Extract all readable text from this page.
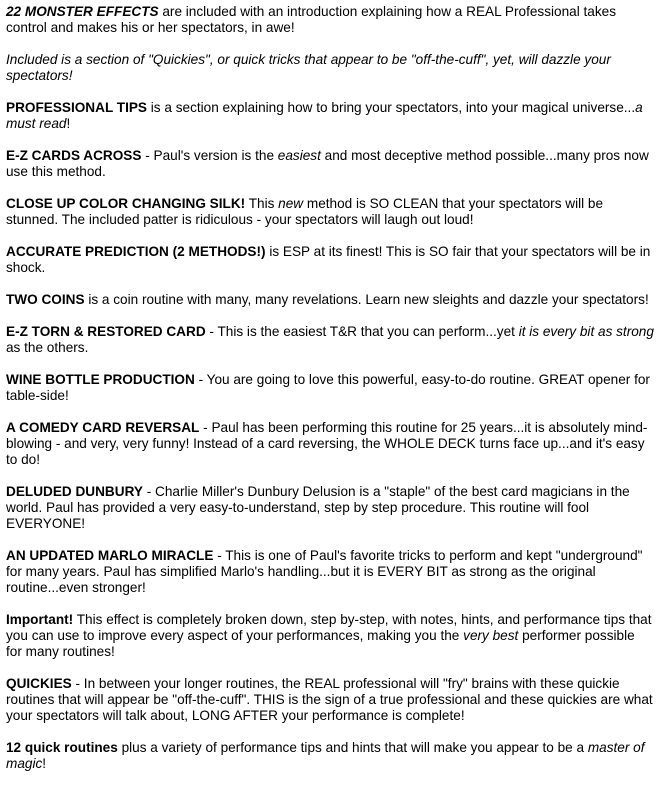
22 MONSTER EFFECTS are included with an introduction explaining how a REAL Professional takes control and makes his or her spectators, in awe!

Included is a section of "Quickies", or quick tricks that appear to be "off-the-cuff", yet, will dazzle your spectators!

PROFESSIONAL TIPS is a section explaining how to bring your spectators, into your magical universe...a must read!

E-Z CARDS ACROSS - Paul's version is the easiest and most deceptive method possible...many pros now use this method.

CLOSE UP COLOR CHANGING SILK! This new method is SO CLEAN that your spectators will be stunned. The included patter is ridiculous - your spectators will laugh out loud!

ACCURATE PREDICTION (2 METHODS!) is ESP at its finest! This is SO fair that your spectators will be in shock.

TWO COINS is a coin routine with many, many revelations. Learn new sleights and dazzle your spectators!

E-Z TORN & RESTORED CARD - This is the easiest T&R that you can perform...yet it is every bit as strong as the others.

WINE BOTTLE PRODUCTION - You are going to love this powerful, easy-to-do routine. GREAT opener for table-side!

A COMEDY CARD REVERSAL - Paul has been performing this routine for 25 years...it is absolutely mind-blowing - and very, very funny! Instead of a card reversing, the WHOLE DECK turns face up...and it's easy to do!

DELUDED DUNBURY - Charlie Miller's Dunbury Delusion is a "staple" of the best card magicians in the world. Paul has provided a very easy-to-understand, step by step procedure. This routine will fool EVERYONE!

AN UPDATED MARLO MIRACLE - This is one of Paul's favorite tricks to perform and kept "underground" for many years. Paul has simplified Marlo's handling...but it is EVERY BIT as strong as the original routine...even stronger!

Important! This effect is completely broken down, step by-step, with notes, hints, and performance tips that you can use to improve every aspect of your performances, making you the very best performer possible for many routines!

QUICKIES - In between your longer routines, the REAL professional will "fry" brains with these quickie routines that will appear be "off-the-cuff". THIS is the sign of a true professional and these quickies are what your spectators will talk about, LONG AFTER your performance is complete!

12 quick routines plus a variety of performance tips and hints that will make you appear to be a master of magic!
